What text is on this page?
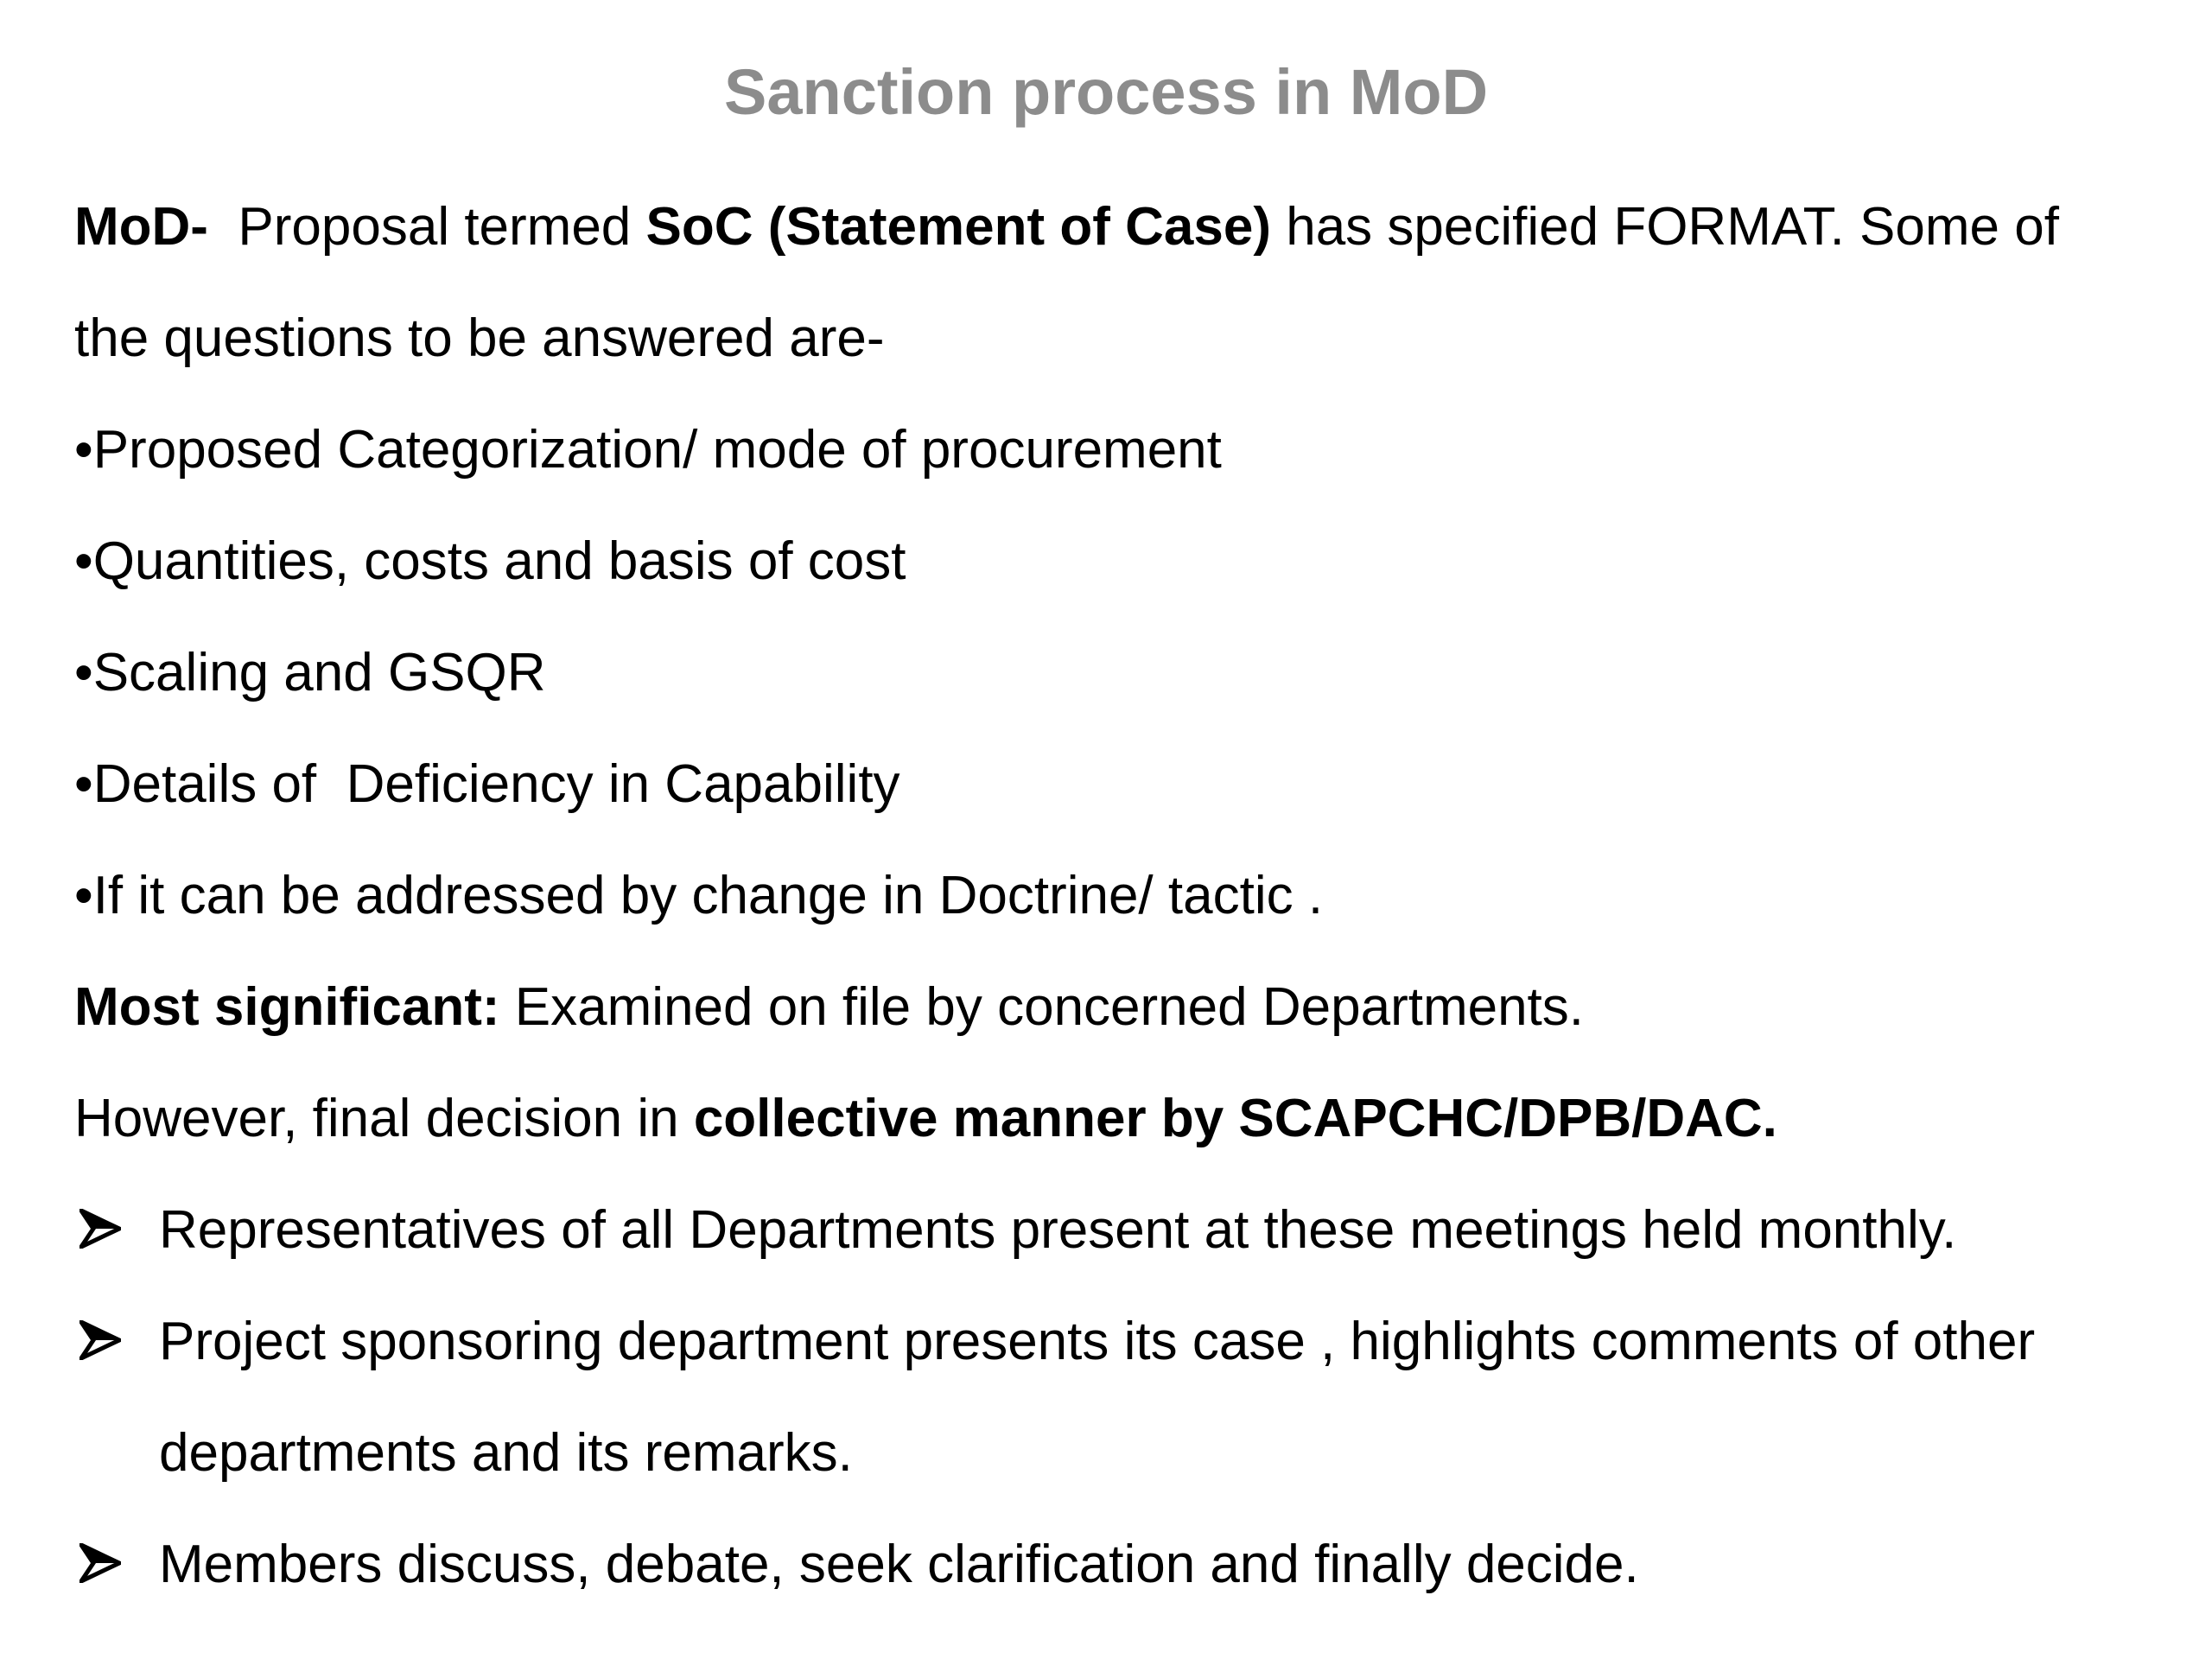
Sanction process in MoD
MoD-  Proposal termed SoC (Statement of Case) has specified FORMAT. Some of
the questions to be answered are-
•Proposed Categorization/ mode of procurement
•Quantities, costs and basis of cost
•Scaling and GSQR
•Details of  Deficiency in Capability
•If it can be addressed by change in Doctrine/ tactic .
Most significant: Examined on file by concerned Departments.
However, final decision in collective manner by SCAPCHC/DPB/DAC.
Representatives of all Departments present at these meetings held monthly.
Project sponsoring department presents its case , highlights comments of other
departments and its remarks.
Members discuss, debate, seek clarification and finally decide.
